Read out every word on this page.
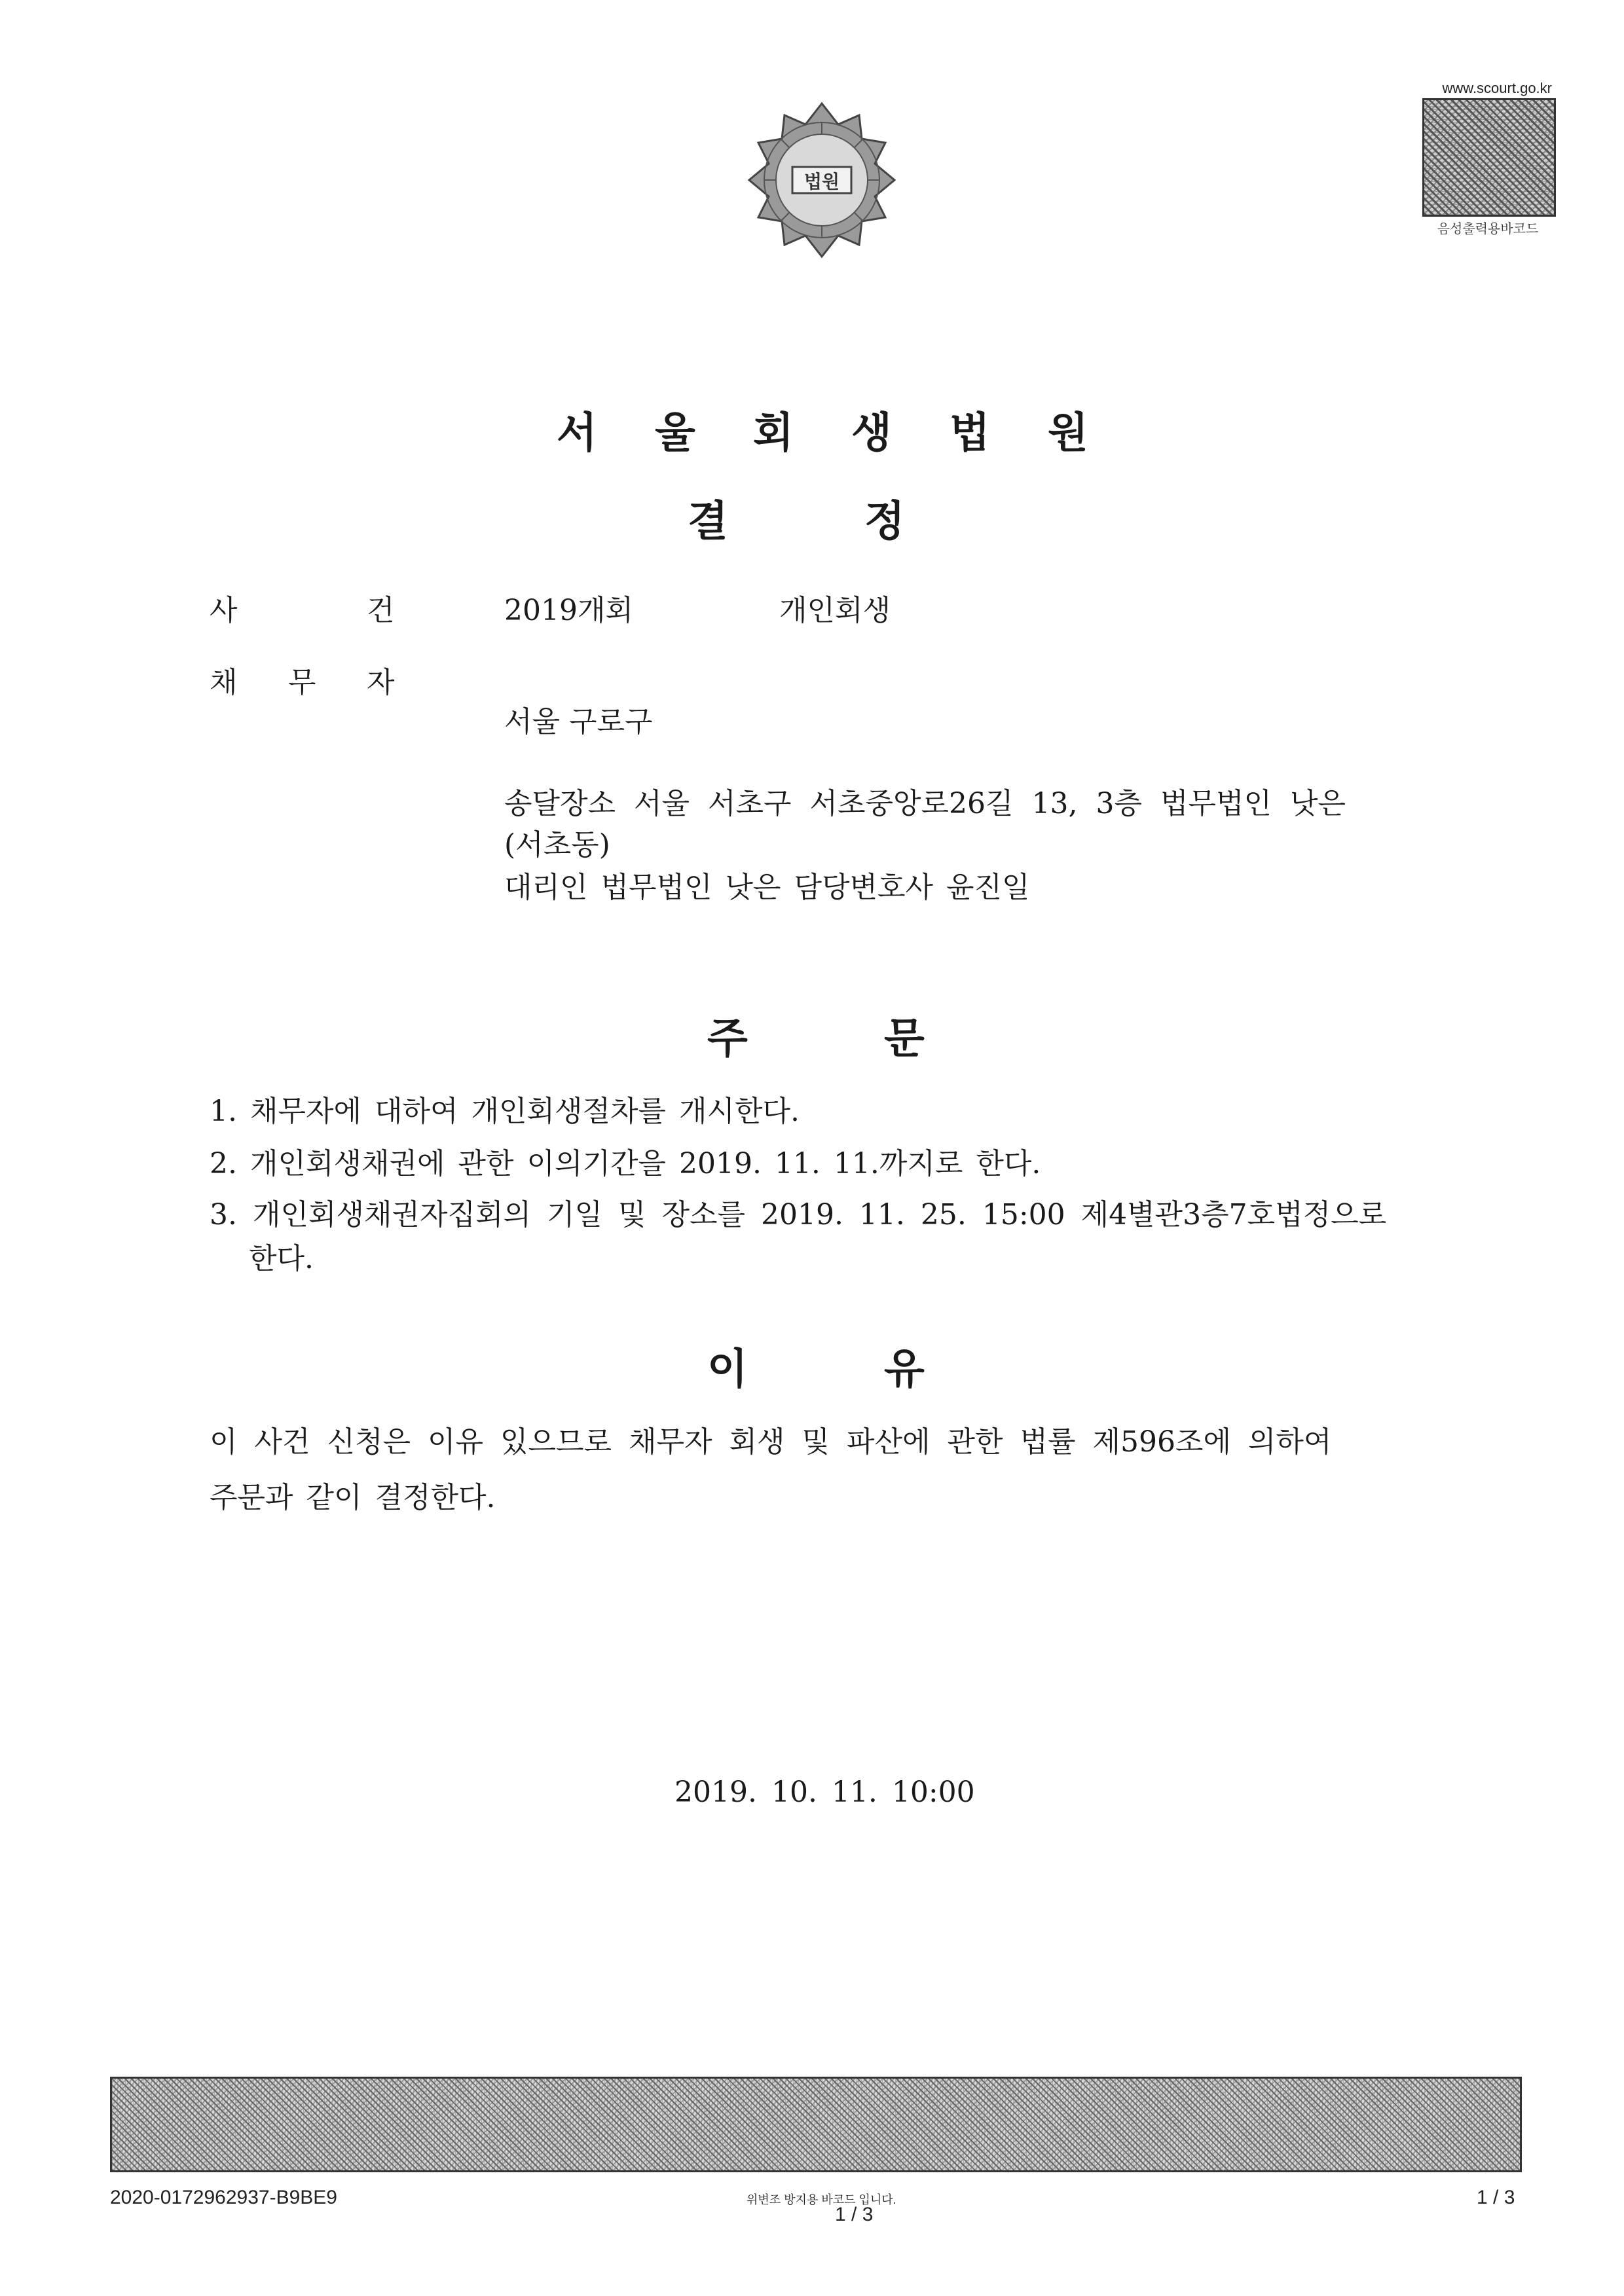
법원
www.scourt.go.kr
음성출력용바코드
서 울 회 생 법 원
결	정
사	건	2019개회	개인회생
채 무 자
서울 구로구
송달장소 서울 서초구 서초중앙로26길 13, 3층 법무법인 낫은
(서초동)
대리인 법무법인 낫은 담당변호사 윤진일
주	문
1. 채무자에 대하여 개인회생절차를 개시한다.
2. 개인회생채권에 관한 이의기간을 2019. 11. 11.까지로 한다.
3. 개인회생채권자집회의 기일 및 장소를 2019. 11. 25. 15:00 제4별관3층7호법정으로
한다.
이	유
이 사건 신청은 이유 있으므로 채무자 회생 및 파산에 관한 법률 제596조에 의하여
주문과 같이 결정한다.
2019. 10. 11. 10:00
2020-0172962937-B9BE9	위변조 방지용 바코드 입니다.
1 / 3
1 / 3
